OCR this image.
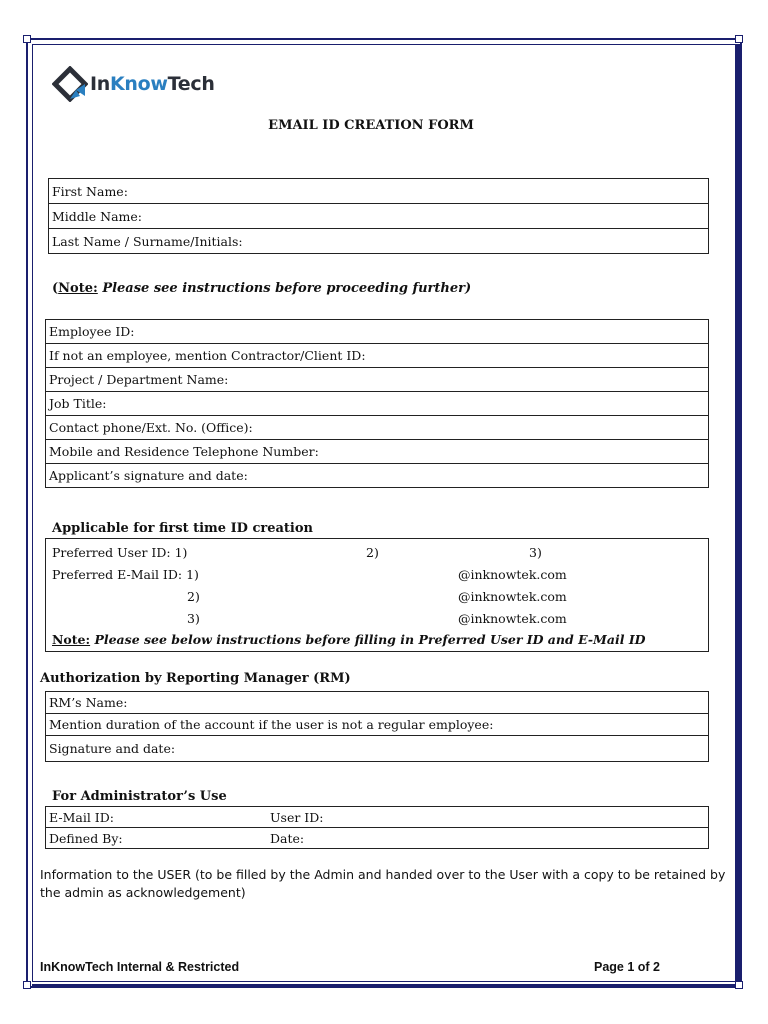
InKnowTech
EMAIL ID CREATION FORM
First Name:
Middle Name:
Last Name / Surname/Initials:
(Note: Please see instructions before proceeding further)
Employee ID:
If not an employee, mention Contractor/Client ID:
Project / Department Name:
Job Title:
Contact phone/Ext. No. (Office):
Mobile and Residence Telephone Number:
Applicant’s signature and date:
Applicable for first time ID creation
Preferred User ID: 1)	2)	3)
Preferred E-Mail ID: 1)	@inknowtek.com
2)	@inknowtek.com
3)	@inknowtek.com
Note: Please see below instructions before filling in Preferred User ID and E-Mail ID
Authorization by Reporting Manager (RM)
RM’s Name:
Mention duration of the account if the user is not a regular employee:
Signature and date:
For Administrator’s Use
E-Mail ID:	User ID:
Defined By:	Date:
Information to the USER (to be filled by the Admin and handed over to the User with a copy to be retained by the admin as acknowledgement)
InKnowTech Internal & Restricted	Page 1 of 2
